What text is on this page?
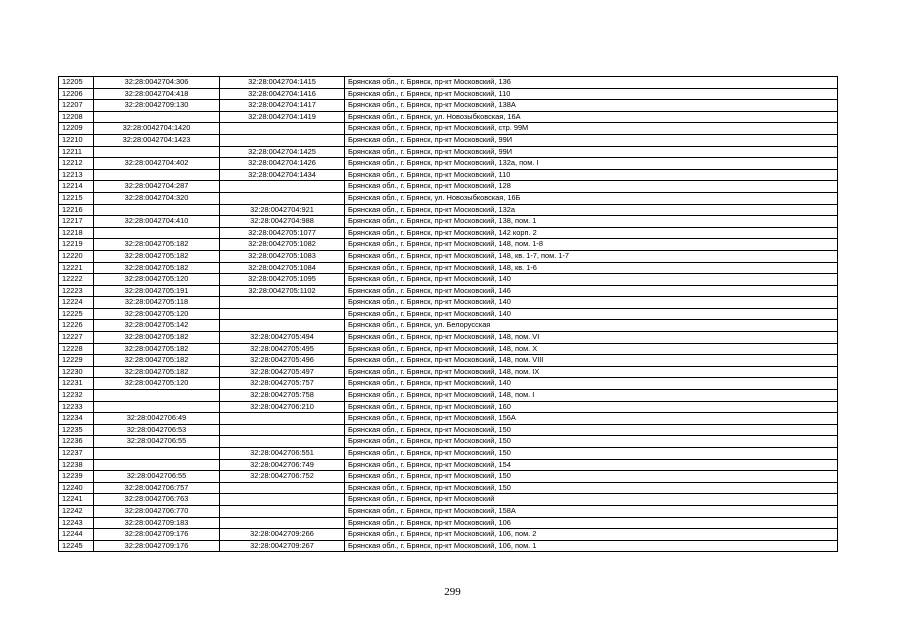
12205	32:28:0042704:306	32:28:0042704:1415	Брянская обл., г. Брянск, пр-кт Московский, 136
12206	32:28:0042704:418	32:28:0042704:1416	Брянская обл., г. Брянск, пр-кт Московский, 110
12207	32:28:0042709:130	32:28:0042704:1417	Брянская обл., г. Брянск, пр-кт Московский, 138А
12208		32:28:0042704:1419	Брянская обл., г. Брянск, ул. Новозыбковская, 16А
12209	32:28:0042704:1420		Брянская обл., г. Брянск, пр-кт Московский, стр. 99М
12210	32:28:0042704:1423		Брянская обл., г. Брянск, пр-кт Московский, 99И
12211		32:28:0042704:1425	Брянская обл., г. Брянск, пр-кт Московский, 99И
12212	32:28:0042704:402	32:28:0042704:1426	Брянская обл., г. Брянск, пр-кт Московский, 132а, пом. I
12213		32:28:0042704:1434	Брянская обл., г. Брянск, пр-кт Московский, 110
12214	32:28:0042704:287		Брянская обл., г. Брянск, пр-кт Московский, 128
12215	32:28:0042704:320		Брянская обл., г. Брянск, ул. Новозыбковская, 16Б
12216		32:28:0042704:921	Брянская обл., г. Брянск, пр-кт Московский, 132а
12217	32:28:0042704:410	32:28:0042704:988	Брянская обл., г. Брянск, пр-кт Московский, 138, пом. 1
12218		32:28:0042705:1077	Брянская обл., г. Брянск, пр-кт Московский, 142 корп. 2
12219	32:28:0042705:182	32:28:0042705:1082	Брянская обл., г. Брянск, пр-кт Московский, 148, пом. 1-8
12220	32:28:0042705:182	32:28:0042705:1083	Брянская обл., г. Брянск, пр-кт Московский, 148, кв. 1-7, пом. 1-7
12221	32:28:0042705:182	32:28:0042705:1084	Брянская обл., г. Брянск, пр-кт Московский, 148, кв. 1-6
12222	32:28:0042705:120	32:28:0042705:1095	Брянская обл., г. Брянск, пр-кт Московский, 140
12223	32:28:0042705:191	32:28:0042705:1102	Брянская обл., г. Брянск, пр-кт Московский, 146
12224	32:28:0042705:118		Брянская обл., г. Брянск, пр-кт Московский, 140
12225	32:28:0042705:120		Брянская обл., г. Брянск, пр-кт Московский, 140
12226	32:28:0042705:142		Брянская обл., г. Брянск, ул. Белорусская
12227	32:28:0042705:182	32:28:0042705:494	Брянская обл., г. Брянск, пр-кт Московский, 148, пом. VI
12228	32:28:0042705:182	32:28:0042705:495	Брянская обл., г. Брянск, пр-кт Московский, 148, пом. X
12229	32:28:0042705:182	32:28:0042705:496	Брянская обл., г. Брянск, пр-кт Московский, 148, пом. VIII
12230	32:28:0042705:182	32:28:0042705:497	Брянская обл., г. Брянск, пр-кт Московский, 148, пом. IX
12231	32:28:0042705:120	32:28:0042705:757	Брянская обл., г. Брянск, пр-кт Московский, 140
12232		32:28:0042705:758	Брянская обл., г. Брянск, пр-кт Московский, 148, пом. I
12233		32:28:0042706:210	Брянская обл., г. Брянск, пр-кт Московский, 160
12234	32:28:0042706:49		Брянская обл., г. Брянск, пр-кт Московский, 156А
12235	32:28:0042706:53		Брянская обл., г. Брянск, пр-кт Московский, 150
12236	32:28:0042706:55		Брянская обл., г. Брянск, пр-кт Московский, 150
12237		32:28:0042706:551	Брянская обл., г. Брянск, пр-кт Московский, 150
12238		32:28:0042706:749	Брянская обл., г. Брянск, пр-кт Московский, 154
12239	32:28:0042706:55	32:28:0042706:752	Брянская обл., г. Брянск, пр-кт Московский, 150
12240	32:28:0042706:757		Брянская обл., г. Брянск, пр-кт Московский, 150
12241	32:28:0042706:763		Брянская обл., г. Брянск, пр-кт Московский
12242	32:28:0042706:770		Брянская обл., г. Брянск, пр-кт Московский, 158А
12243	32:28:0042709:183		Брянская обл., г. Брянск, пр-кт Московский, 106
12244	32:28:0042709:176	32:28:0042709:266	Брянская обл., г. Брянск, пр-кт Московский, 106, пом. 2
12245	32:28:0042709:176	32:28:0042709:267	Брянская обл., г. Брянск, пр-кт Московский, 106, пом. 1
299
